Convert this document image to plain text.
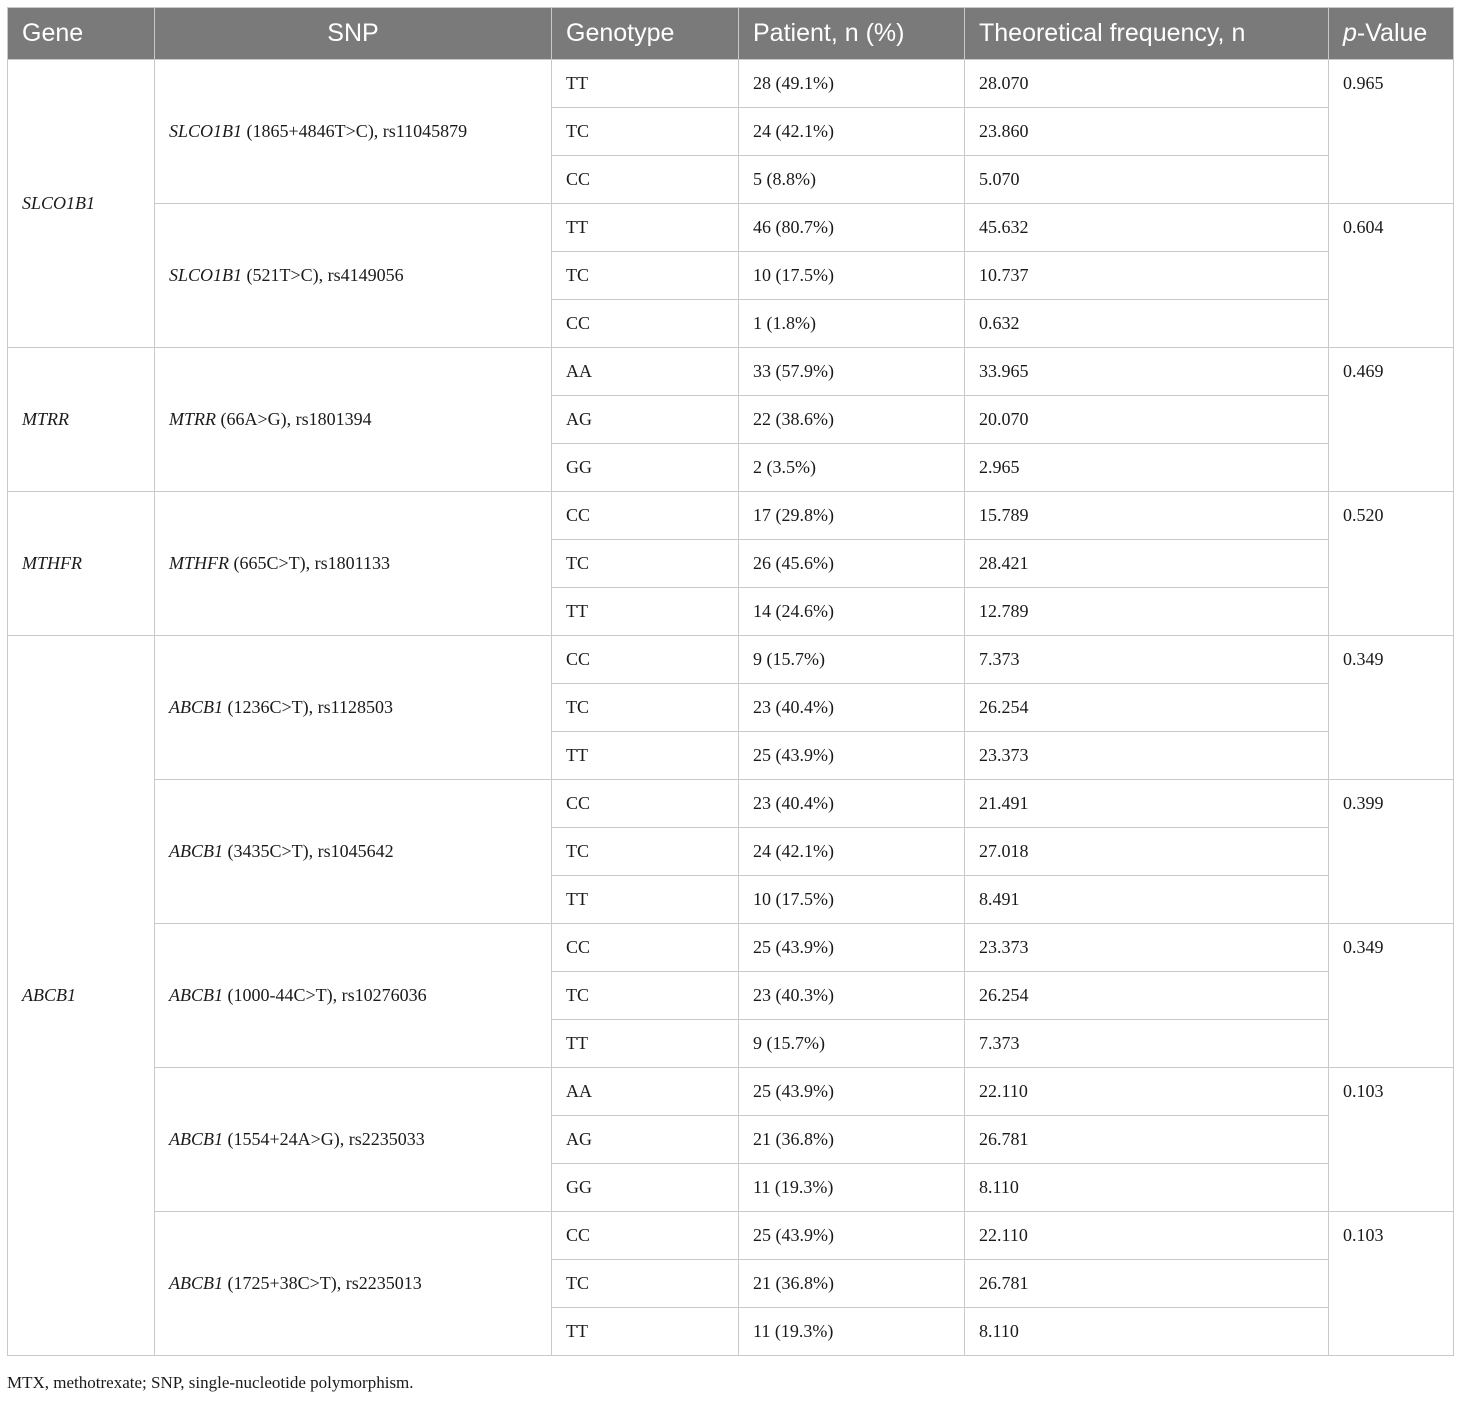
Gene	SNP	Genotype	Patient, n (%)	Theoretical frequency, n	p-Value
SLCO1B1	SLCO1B1 (1865+4846T>C), rs11045879	TT	28 (49.1%)	28.070	0.965
		TC	24 (42.1%)	23.860	
		CC	5 (8.8%)	5.070	
	SLCO1B1 (521T>C), rs4149056	TT	46 (80.7%)	45.632	0.604
		TC	10 (17.5%)	10.737	
		CC	1 (1.8%)	0.632	
MTRR	MTRR (66A>G), rs1801394	AA	33 (57.9%)	33.965	0.469
		AG	22 (38.6%)	20.070	
		GG	2 (3.5%)	2.965	
MTHFR	MTHFR (665C>T), rs1801133	CC	17 (29.8%)	15.789	0.520
		TC	26 (45.6%)	28.421	
		TT	14 (24.6%)	12.789	
ABCB1	ABCB1 (1236C>T), rs1128503	CC	9 (15.7%)	7.373	0.349
		TC	23 (40.4%)	26.254	
		TT	25 (43.9%)	23.373	
	ABCB1 (3435C>T), rs1045642	CC	23 (40.4%)	21.491	0.399
		TC	24 (42.1%)	27.018	
		TT	10 (17.5%)	8.491	
	ABCB1 (1000-44C>T), rs10276036	CC	25 (43.9%)	23.373	0.349
		TC	23 (40.3%)	26.254	
		TT	9 (15.7%)	7.373	
	ABCB1 (1554+24A>G), rs2235033	AA	25 (43.9%)	22.110	0.103
		AG	21 (36.8%)	26.781	
		GG	11 (19.3%)	8.110	
	ABCB1 (1725+38C>T), rs2235013	CC	25 (43.9%)	22.110	0.103
		TC	21 (36.8%)	26.781	
		TT	11 (19.3%)	8.110	
MTX, methotrexate; SNP, single-nucleotide polymorphism.
